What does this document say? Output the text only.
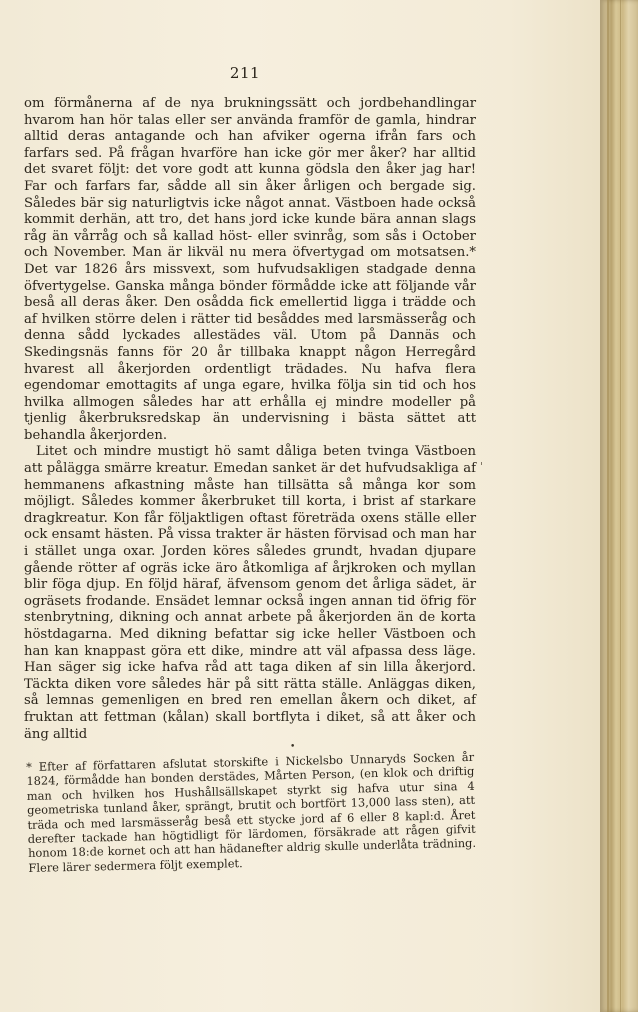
211

om förmånerna af de nya brukningssätt och jordbehandlingar hvarom han hör talas eller ser använda framför de gamla, hindrar alltid deras antagande och han afviker ogerna ifrån fars och farfars sed. På frågan hvarföre han icke gör mer åker? har alltid det svaret följt: det vore godt att kunna gödsla den åker jag har! Far och farfars far, sådde all sin åker årligen och bergade sig. Således bär sig naturligtvis icke något annat. Västboen hade också kommit derhän, att tro, det hans jord icke kunde bära annan slags råg än vårråg och så kallad höst- eller svinråg, som sås i October och November. Man är likväl nu mera öfvertygad om motsatsen.* Det var 1826 års missvext, som hufvudsakligen stadgade denna öfvertygelse. Ganska många bönder förmådde icke att följande vår beså all deras åker. Den osådda fick emellertid ligga i trädde och af hvilken större delen i rätter tid besåddes med larsmässeråg och denna sådd lyckades allestädes väl. Utom på Dannäs och Skedingsnäs fanns för 20 år tillbaka knappt någon Herregård hvarest all åkerjorden ordentligt trädades. Nu hafva flera egendomar emottagits af unga egare, hvilka följa sin tid och hos hvilka allmogen således har att erhålla ej mindre modeller på tjenlig åkerbruksredskap än undervisning i bästa sättet att behandla åkerjorden.

Litet och mindre mustigt hö samt dåliga beten tvinga Västboen att pålägga smärre kreatur. Emedan sanket är det hufvudsakliga af hemmanens afkastning måste han tillsätta så många kor som möjligt. Således kommer åkerbruket till korta, i brist af starkare dragkreatur. Kon får följaktligen oftast företräda oxens ställe eller ock ensamt hästen. På vissa trakter är hästen förvisad och man har i stället unga oxar. Jorden köres således grundt, hvadan djupare gående rötter af ogräs icke äro åtkomliga af årjkroken och myllan blir föga djup. En följd häraf, äfvensom genom det årliga sädet, är ogräsets frodande. Ensädet lemnar också ingen annan tid öfrig för stenbrytning, dikning och annat arbete på åkerjorden än de korta höstdagarna. Med dikning befattar sig icke heller Västboen och han kan knappast göra ett dike, mindre att väl afpassa dess läge. Han säger sig icke hafva råd att taga diken af sin lilla åkerjord. Täckta diken vore således här på sitt rätta ställe. Anläggas diken, så lemnas gemenligen en bred ren emellan åkern och diket, af fruktan att fettman (kålan) skall bortflyta i diket, så att åker och äng alltid

'
•

* Efter af författaren afslutat storskifte i Nickelsbo Unnaryds Socken år 1824, förmådde han bonden derstädes, Mårten Person, (en klok och driftig man och hvilken hos Hushållsällskapet styrkt sig hafva utur sina 4 geometriska tunland åker, sprängt, brutit och bortfört 13,000 lass sten), att träda och med larsmässeråg beså ett stycke jord af 6 eller 8 kapl:d. Året derefter tackade han högtidligt för lärdomen, försäkrade att rågen gifvit honom 18:de kornet och att han hädanefter aldrig skulle underlåta trädning. Flere lärer sedermera följt exemplet.
